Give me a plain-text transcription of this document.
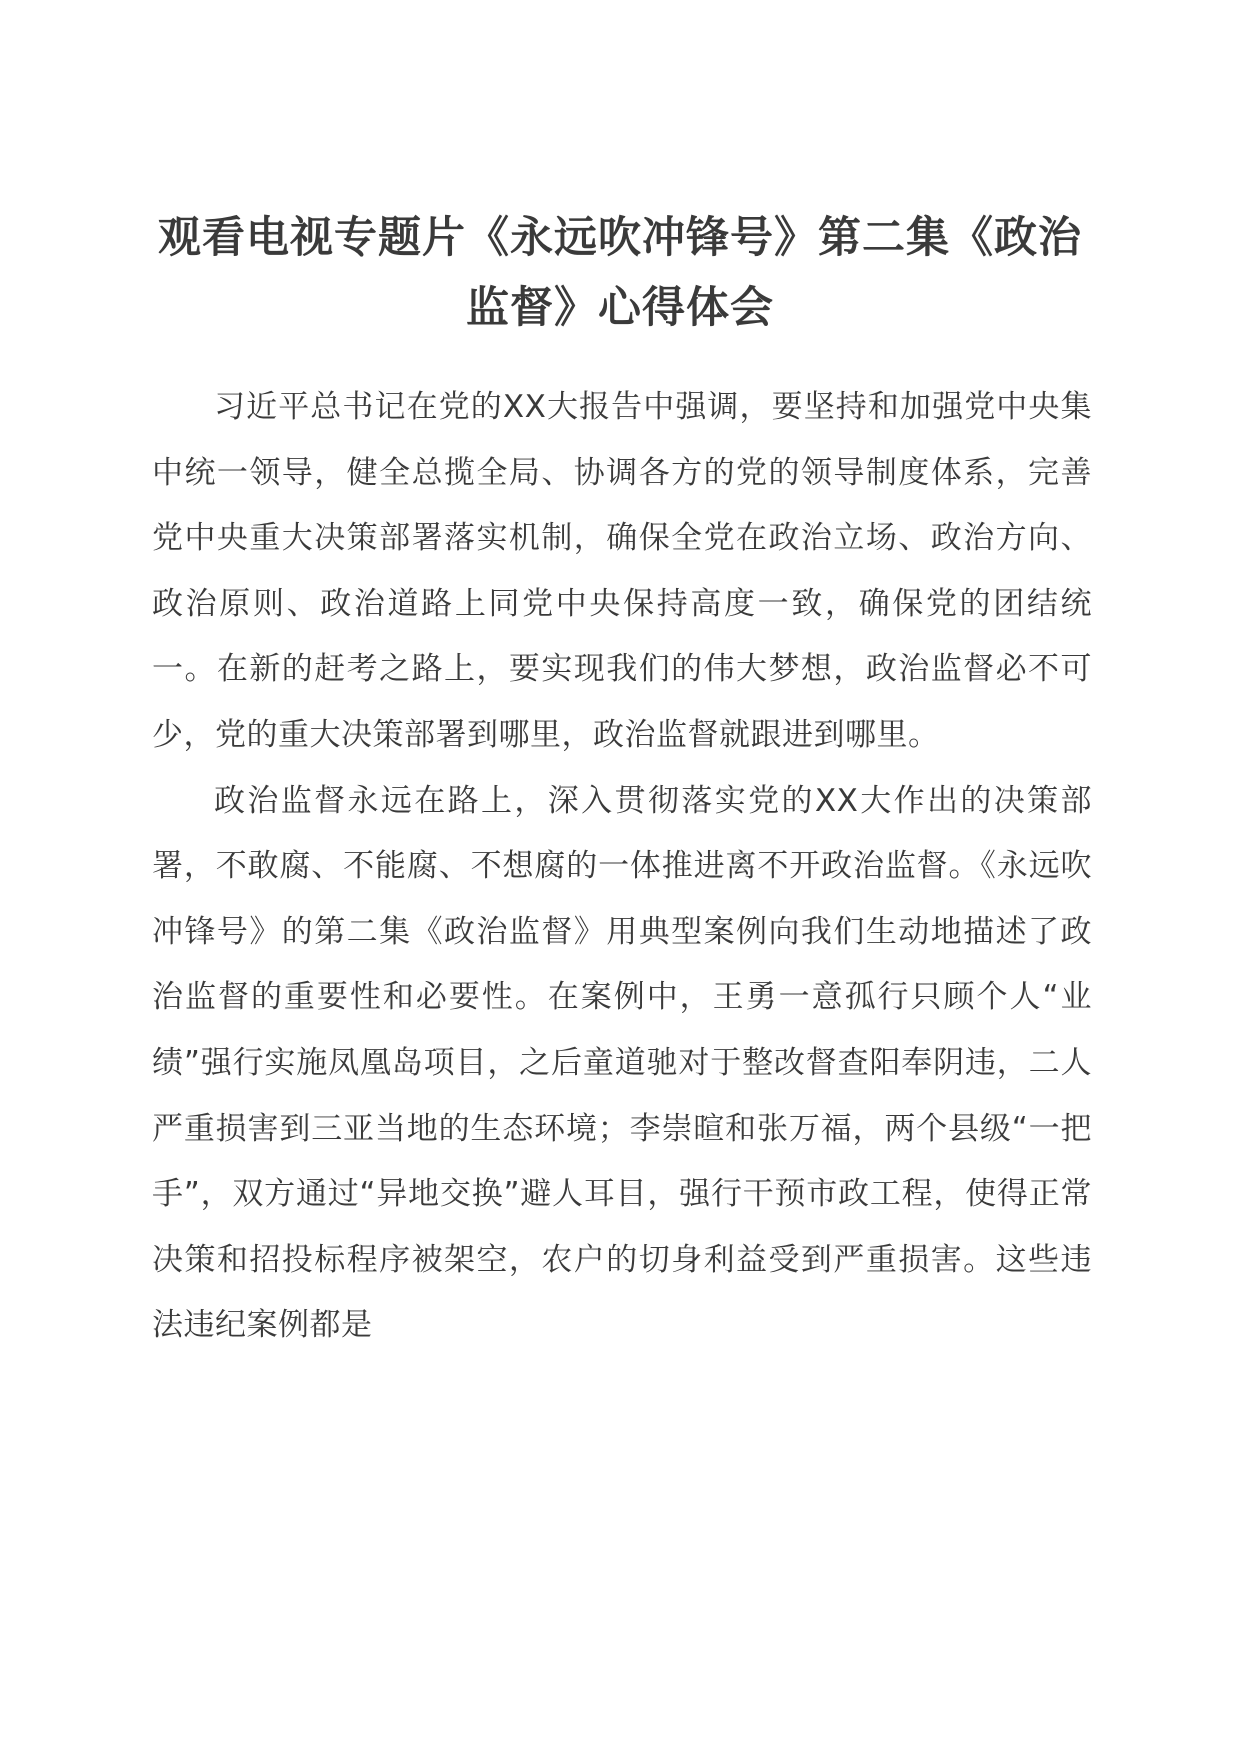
观看电视专题片《永远吹冲锋号》第二集《政治监督》心得体会

习近平总书记在党的XX大报告中强调，要坚持和加强党中央集中统一领导，健全总揽全局、协调各方的党的领导制度体系，完善党中央重大决策部署落实机制，确保全党在政治立场、政治方向、政治原则、政治道路上同党中央保持高度一致，确保党的团结统一。在新的赶考之路上，要实现我们的伟大梦想，政治监督必不可少，党的重大决策部署到哪里，政治监督就跟进到哪里。

政治监督永远在路上，深入贯彻落实党的XX大作出的决策部署，不敢腐、不能腐、不想腐的一体推进离不开政治监督。《永远吹冲锋号》的第二集《政治监督》用典型案例向我们生动地描述了政治监督的重要性和必要性。在案例中，王勇一意孤行只顾个人“业绩”强行实施凤凰岛项目，之后童道驰对于整改督查阳奉阴违，二人严重损害到三亚当地的生态环境；李崇暄和张万福，两个县级“一把手”，双方通过“异地交换”避人耳目，强行干预市政工程，使得正常决策和招投标程序被架空，农户的切身利益受到严重损害。这些违法违纪案例都是
